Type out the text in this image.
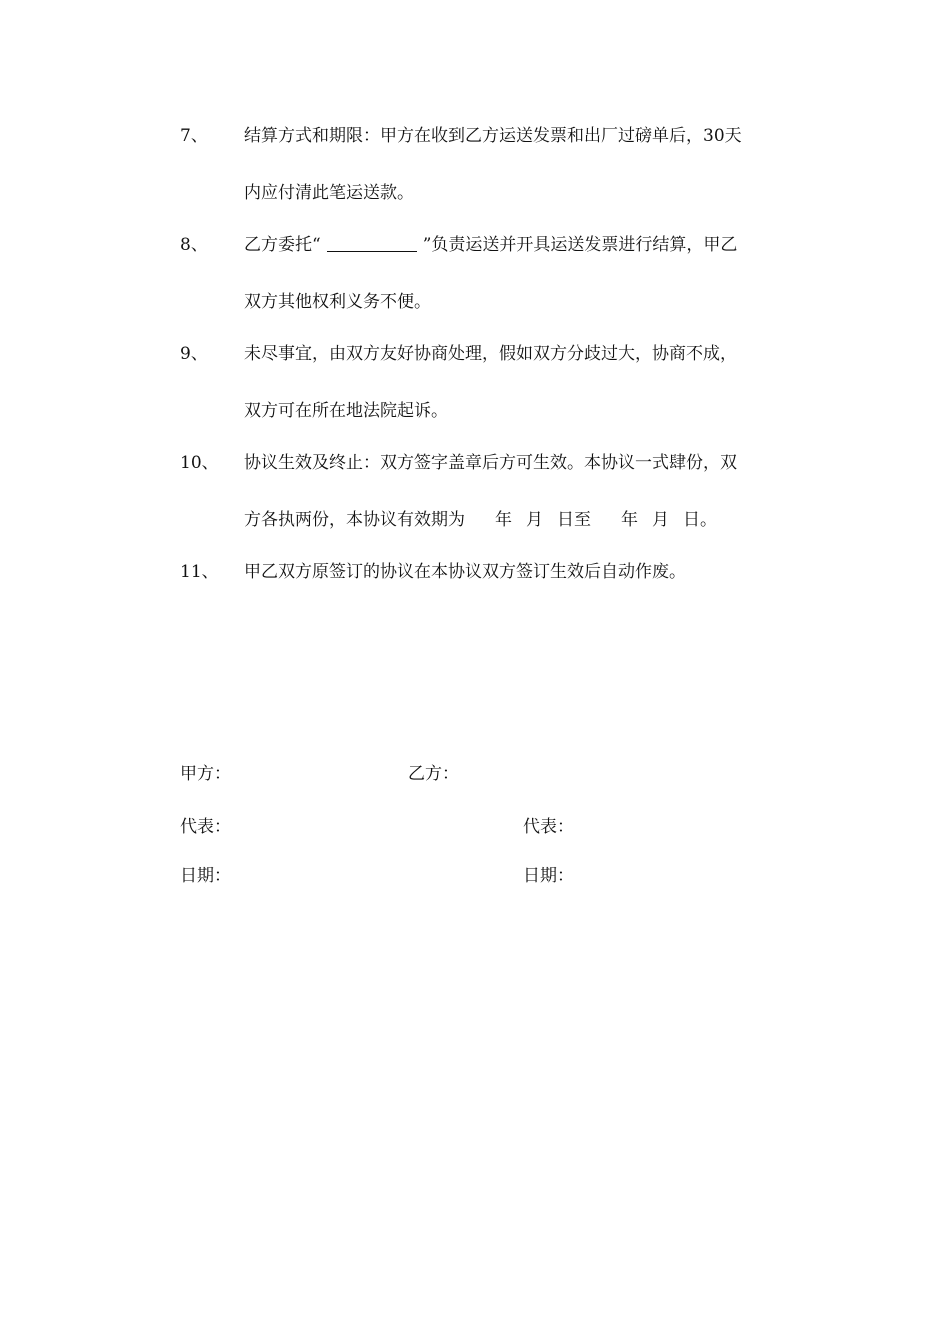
7、	结算方式和期限：甲方在收到乙方运送发票和出厂过磅单后，30天
内应付清此笔运送款。
8、	乙方委托“	”负责运送并开具运送发票进行结算，甲乙
双方其他权利义务不便。
9、	未尽事宜，由双方友好协商处理，假如双方分歧过大，协商不成，
双方可在所在地法院起诉。
10、	协议生效及终止：双方签字盖章后方可生效。本协议一式肆份，双
方各执两份，本协议有效期为 年 月 日至 年 月 日。
11、	甲乙双方原签订的协议在本协议双方签订生效后自动作废。
甲方：	乙方：
代表：	代表：
日期：	日期：
